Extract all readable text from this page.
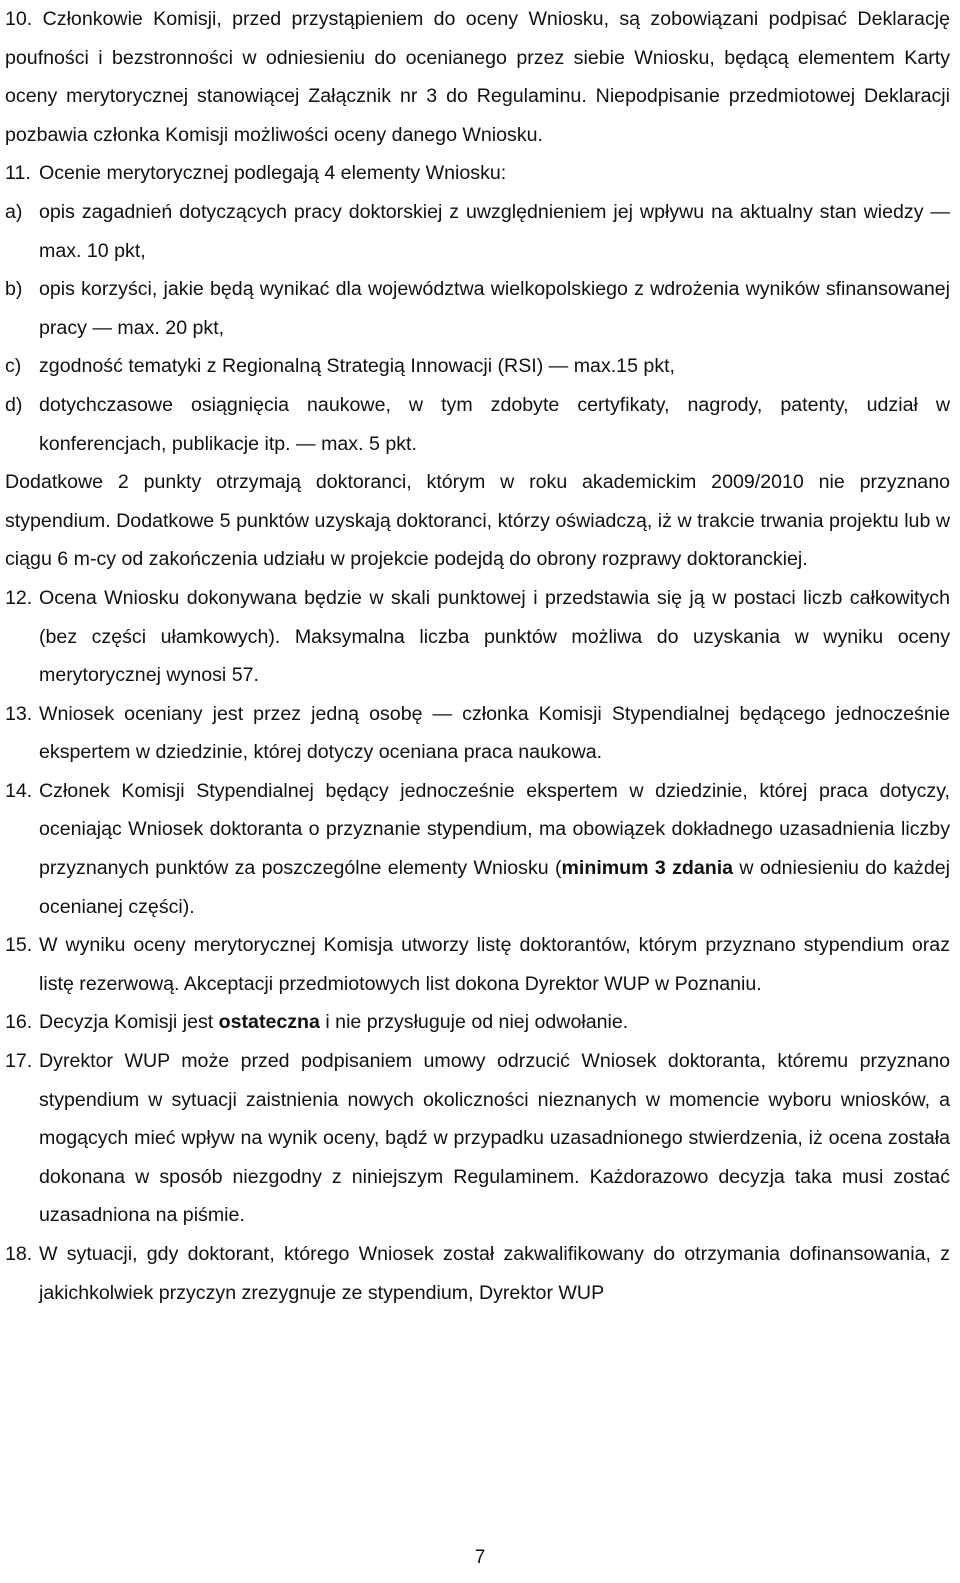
10. Członkowie Komisji, przed przystąpieniem do oceny Wniosku, są zobowiązani podpisać Deklarację poufności i bezstronności w odniesieniu do ocenianego przez siebie Wniosku, będącą elementem Karty oceny merytorycznej stanowiącej Załącznik nr 3 do Regulaminu. Niepodpisanie przedmiotowej Deklaracji pozbawia członka Komisji możliwości oceny danego Wniosku.

11. Ocenie merytorycznej podlegają 4 elementy Wniosku:
a) opis zagadnień dotyczących pracy doktorskiej z uwzględnieniem jej wpływu na aktualny stan wiedzy — max. 10 pkt,
b) opis korzyści, jakie będą wynikać dla województwa wielkopolskiego z wdrożenia wyników sfinansowanej pracy — max. 20 pkt,
c) zgodność tematyki z Regionalną Strategią Innowacji (RSI) — max.15 pkt,
d) dotychczasowe osiągnięcia naukowe, w tym zdobyte certyfikaty, nagrody, patenty, udział w konferencjach, publikacje itp. — max. 5 pkt.

Dodatkowe 2 punkty otrzymają doktoranci, którym w roku akademickim 2009/2010 nie przyznano stypendium. Dodatkowe 5 punktów uzyskają doktoranci, którzy oświadczą, iż w trakcie trwania projektu lub w ciągu 6 m-cy od zakończenia udziału w projekcie podejdą do obrony rozprawy doktoranckiej.

12. Ocena Wniosku dokonywana będzie w skali punktowej i przedstawia się ją w postaci liczb całkowitych (bez części ułamkowych). Maksymalna liczba punktów możliwa do uzyskania w wyniku oceny merytorycznej wynosi 57.
13. Wniosek oceniany jest przez jedną osobę — członka Komisji Stypendialnej będącego jednocześnie ekspertem w dziedzinie, której dotyczy oceniana praca naukowa.
14. Członek Komisji Stypendialnej będący jednocześnie ekspertem w dziedzinie, której praca dotyczy, oceniając Wniosek doktoranta o przyznanie stypendium, ma obowiązek dokładnego uzasadnienia liczby przyznanych punktów za poszczególne elementy Wniosku (minimum 3 zdania w odniesieniu do każdej ocenianej części).
15. W wyniku oceny merytorycznej Komisja utworzy listę doktorantów, którym przyznano stypendium oraz listę rezerwową. Akceptacji przedmiotowych list dokona Dyrektor WUP w Poznaniu.
16. Decyzja Komisji jest ostateczna i nie przysługuje od niej odwołanie.
17. Dyrektor WUP może przed podpisaniem umowy odrzucić Wniosek doktoranta, któremu przyznano stypendium w sytuacji zaistnienia nowych okoliczności nieznanych w momencie wyboru wniosków, a mogących mieć wpływ na wynik oceny, bądź w przypadku uzasadnionego stwierdzenia, iż ocena została dokonana w sposób niezgodny z niniejszym Regulaminem. Każdorazowo decyzja taka musi zostać uzasadniona na piśmie.
18. W sytuacji, gdy doktorant, którego Wniosek został zakwalifikowany do otrzymania dofinansowania, z jakichkolwiek przyczyn zrezygnuje ze stypendium, Dyrektor WUP
7
